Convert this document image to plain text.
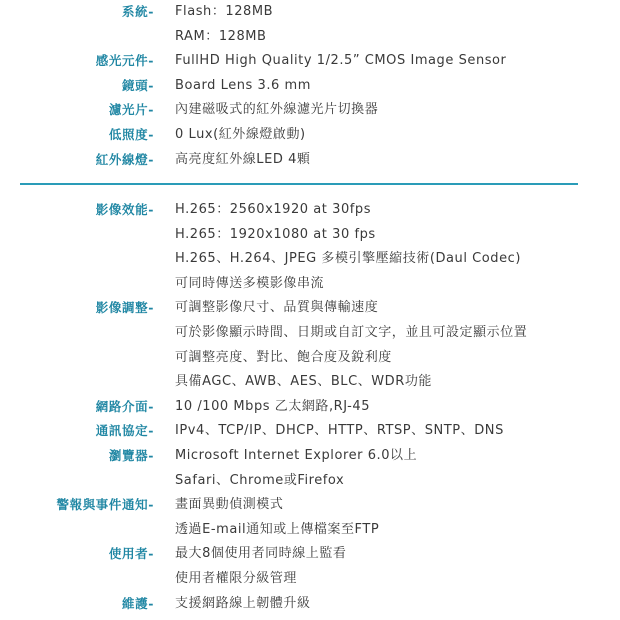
系統- Flash：128MB
RAM：128MB
感光元件- FullHD High Quality 1/2.5” CMOS Image Sensor
鏡頭- Board Lens 3.6 mm
濾光片- 內建磁吸式的紅外線濾光片切換器
低照度- 0 Lux(紅外線燈啟動)
紅外線燈- 高亮度紅外線LED 4顆
影像效能- H.265：2560x1920 at 30fps
H.265：1920x1080 at 30 fps
H.265、H.264、JPEG 多模引擎壓縮技術(Daul Codec)
可同時傳送多模影像串流
影像調整- 可調整影像尺寸、品質與傳輸速度
可於影像顯示時間、日期或自訂文字，並且可設定顯示位置
可調整亮度、對比、飽合度及銳利度
具備AGC、AWB、AES、BLC、WDR功能
網路介面- 10 /100 Mbps 乙太網路,RJ-45
通訊協定- IPv4、TCP/IP、DHCP、HTTP、RTSP、SNTP、DNS
瀏覽器- Microsoft Internet Explorer 6.0以上
Safari、Chrome或Firefox
警報與事件通知- 畫面異動偵測模式
透過E-mail通知或上傳檔案至FTP
使用者- 最大8個使用者同時線上監看
使用者權限分級管理
維護- 支援網路線上韌體升級
